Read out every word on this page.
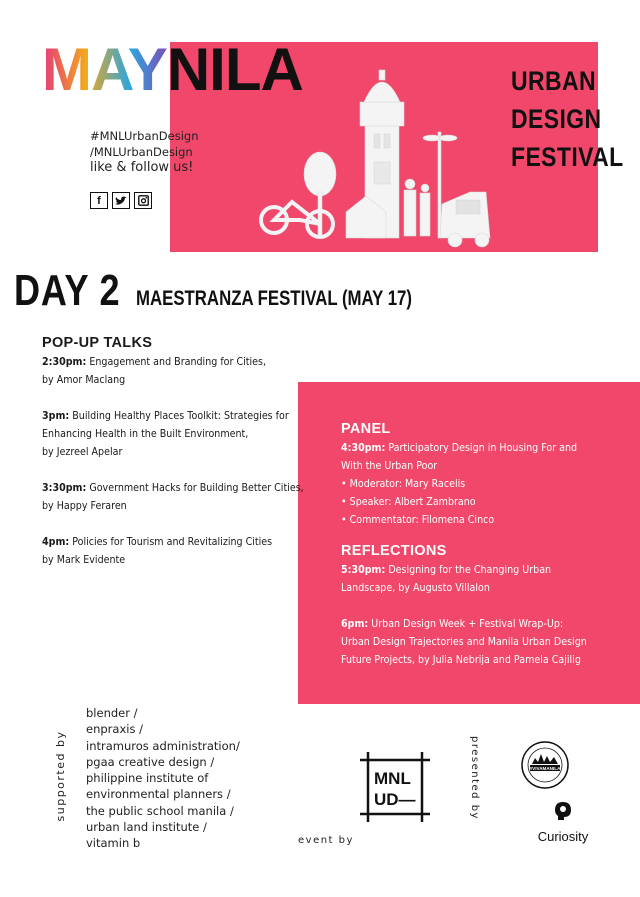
MAYNILA	URBAN
DESIGN
FESTIVAL
#MNLUrbanDesign
/MNLUrbanDesign
like & follow us!
f
DAY 2 MAESTRANZA FESTIVAL (MAY 17)
POP-UP TALKS
2:30pm: Engagement and Branding for Cities,
by Amor Maclang
3pm: Building Healthy Places Toolkit: Strategies for
Enhancing Health in the Built Environment,
by Jezreel Apelar
3:30pm: Government Hacks for Building Better Cities,
by Happy Feraren
4pm: Policies for Tourism and Revitalizing Cities
by Mark Evidente
PANEL
4:30pm: Participatory Design in Housing For and
With the Urban Poor
• Moderator: Mary Racelis
• Speaker: Albert Zambrano
• Commentator: Filomena Cinco
REFLECTIONS
5:30pm: Designing for the Changing Urban
Landscape, by Augusto Villalon
6pm: Urban Design Week + Festival Wrap-Up:
Urban Design Trajectories and Manila Urban Design
Future Projects, by Julia Nebrija and Pamela Cajilig
supported by
blender /
enpraxis /
intramuros administration/
pgaa creative design /
philippine institute of
environmental planners /
the public school manila /
urban land institute /
vitamin b	event by
MNL
UD—	presented by	#VIVAMANILA
Curiosity
